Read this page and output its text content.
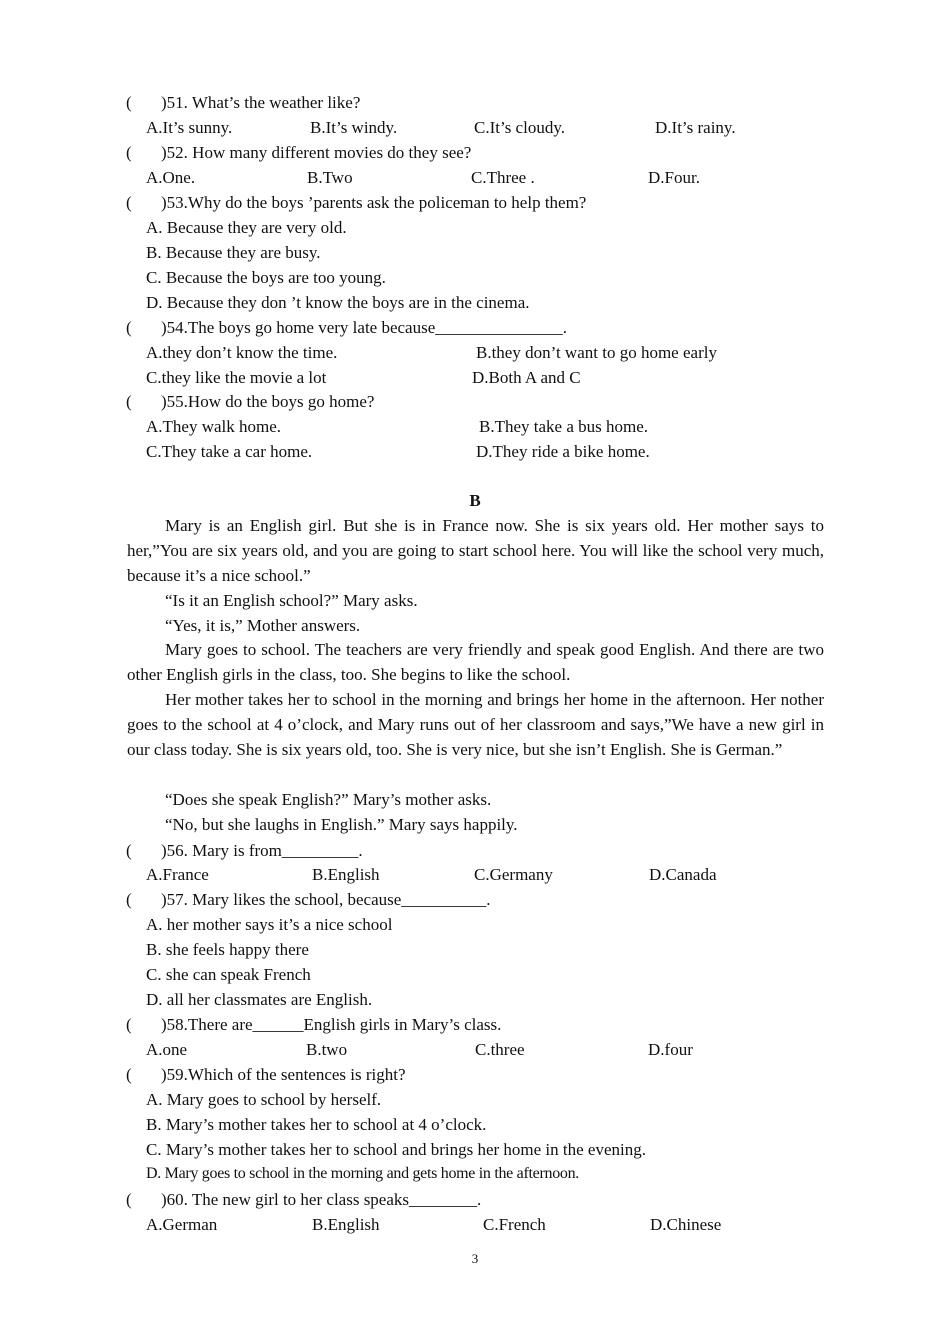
( )51. What’s the weather like?
A.It’s sunny.	B.It’s windy.	C.It’s cloudy.	D.It’s rainy.
( )52. How many different movies do they see?
A.One.	B.Two	C.Three .	D.Four.
( )53.Why do the boys ’parents ask the policeman to help them?
A. Because they are very old.
B. Because they are busy.
C. Because the boys are too young.
D. Because they don ’t know the boys are in the cinema.
( )54.The boys go home very late because_______________.
A.they don’t know the time.	B.they don’t want to go home early
C.they like the movie a lot	D.Both A and C
( )55.How do the boys go home?
A.They walk home.	B.They take a bus home.
C.They take a car home.	D.They ride a bike home.
B
Mary is an English girl. But she is in France now. She is six years old. Her mother says to her,”You are six years old, and you are going to start school here. You will like the school very much, because it’s a nice school.”
“Is it an English school?” Mary asks.
“Yes, it is,” Mother answers.
Mary goes to school. The teachers are very friendly and speak good English. And there are two other English girls in the class, too. She begins to like the school.
Her mother takes her to school in the morning and brings her home in the afternoon. Her nother goes to the school at 4 o’clock, and Mary runs out of her classroom and says,”We have a new girl in our class today. She is six years old, too. She is very nice, but she isn’t English. She is German.”
“Does she speak English?” Mary’s mother asks.
“No, but she laughs in English.” Mary says happily.
( )56. Mary is from_________.
A.France	B.English	C.Germany	D.Canada
( )57. Mary likes the school, because__________.
A. her mother says it’s a nice school
B. she feels happy there
C. she can speak French
D. all her classmates are English.
( )58.There are______English girls in Mary’s class.
A.one	B.two	C.three	D.four
( )59.Which of the sentences is right?
A. Mary goes to school by herself.
B. Mary’s mother takes her to school at 4 o’clock.
C. Mary’s mother takes her to school and brings her home in the evening.
D. Mary goes to school in the morning and gets home in the afternoon.
( )60. The new girl to her class speaks________.
A.German	B.English	C.French	D.Chinese
3
